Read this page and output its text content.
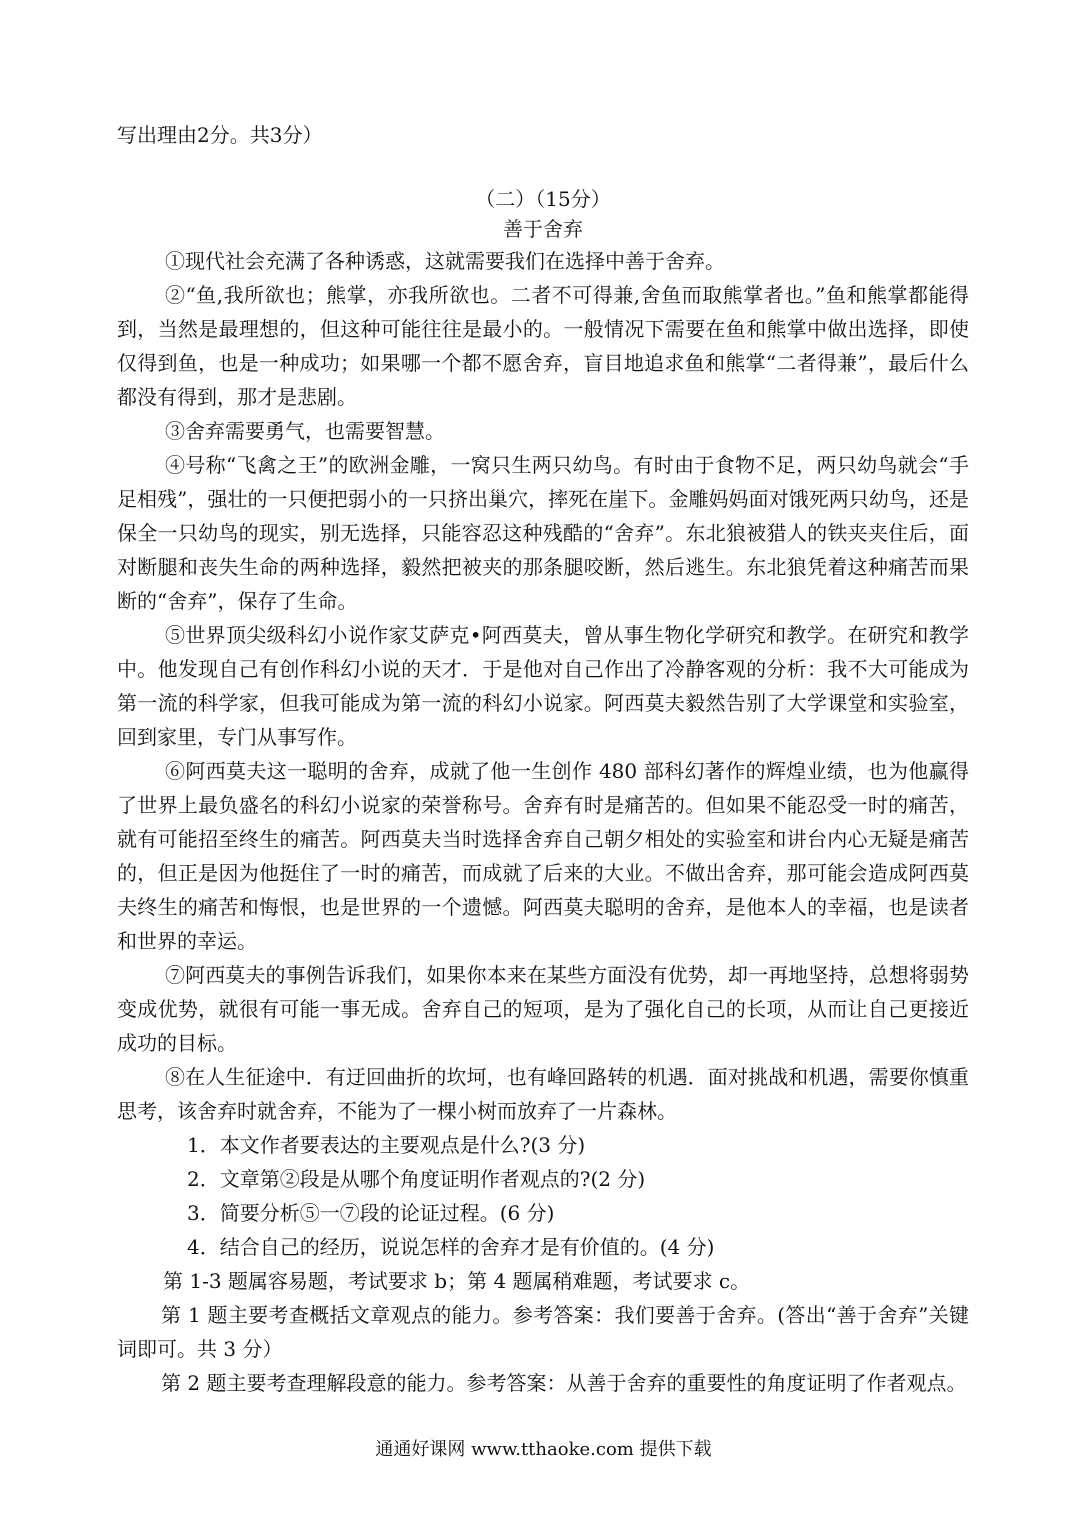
写出理由2分。共3分）

（二）（15分）

善于舍弃

①现代社会充满了各种诱惑，这就需要我们在选择中善于舍弃。

②“鱼,我所欲也；熊掌，亦我所欲也。二者不可得兼,舍鱼而取熊掌者也。”鱼和熊掌都能得到，当然是最理想的，但这种可能往往是最小的。一般情况下需要在鱼和熊掌中做出选择，即使仅得到鱼，也是一种成功；如果哪一个都不愿舍弃，盲目地追求鱼和熊掌“二者得兼”，最后什么都没有得到，那才是悲剧。

③舍弃需要勇气，也需要智慧。

④号称“飞禽之王”的欧洲金雕，一窝只生两只幼鸟。有时由于食物不足，两只幼鸟就会“手足相残”，强壮的一只便把弱小的一只挤出巢穴，摔死在崖下。金雕妈妈面对饿死两只幼鸟，还是保全一只幼鸟的现实，别无选择，只能容忍这种残酷的“舍弃”。东北狼被猎人的铁夹夹住后，面对断腿和丧失生命的两种选择，毅然把被夹的那条腿咬断，然后逃生。东北狼凭着这种痛苦而果断的“舍弃”，保存了生命。

⑤世界顶尖级科幻小说作家艾萨克•阿西莫夫，曾从事生物化学研究和教学。在研究和教学中。他发现自己有创作科幻小说的天才．于是他对自己作出了冷静客观的分析：我不大可能成为第一流的科学家，但我可能成为第一流的科幻小说家。阿西莫夫毅然告别了大学课堂和实验室，回到家里，专门从事写作。

⑥阿西莫夫这一聪明的舍弃，成就了他一生创作 480 部科幻著作的辉煌业绩，也为他赢得了世界上最负盛名的科幻小说家的荣誉称号。舍弃有时是痛苦的。但如果不能忍受一时的痛苦，就有可能招至终生的痛苦。阿西莫夫当时选择舍弃自己朝夕相处的实验室和讲台内心无疑是痛苦的，但正是因为他挺住了一时的痛苦，而成就了后来的大业。不做出舍弃，那可能会造成阿西莫夫终生的痛苦和悔恨，也是世界的一个遗憾。阿西莫夫聪明的舍弃，是他本人的幸福，也是读者和世界的幸运。

⑦阿西莫夫的事例告诉我们，如果你本来在某些方面没有优势，却一再地坚持，总想将弱势变成优势，就很有可能一事无成。舍弃自己的短项，是为了强化自己的长项，从而让自己更接近成功的目标。

⑧在人生征途中．有迂回曲折的坎坷，也有峰回路转的机遇．面对挑战和机遇，需要你慎重思考，该舍弃时就舍弃，不能为了一棵小树而放弃了一片森林。

1．本文作者要表达的主要观点是什么?(3 分)

2．文章第②段是从哪个角度证明作者观点的?(2 分)

3．简要分析⑤一⑦段的论证过程。(6 分)

4．结合自己的经历，说说怎样的舍弃才是有价值的。(4 分)

第 1-3 题属容易题，考试要求 b；第 4 题属稍难题，考试要求 c。

第 1 题主要考查概括文章观点的能力。参考答案：我们要善于舍弃。(答出“善于舍弃”关键词即可。共 3 分）

第 2 题主要考查理解段意的能力。参考答案：从善于舍弃的重要性的角度证明了作者观点。

通通好课网 www.tthaoke.com 提供下载
